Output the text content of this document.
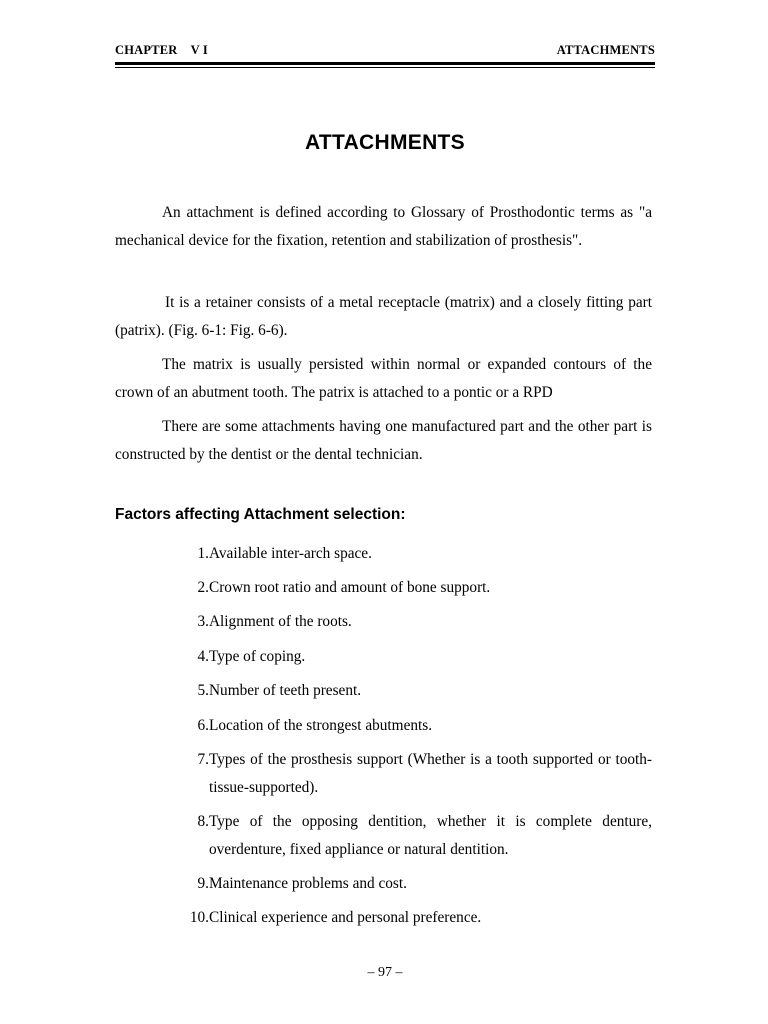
CHAPTER    V I	ATTACHMENTS
ATTACHMENTS

An attachment is defined according to Glossary of Prosthodontic terms as "a mechanical device for the fixation, retention and stabilization of prosthesis".

It is a retainer consists of a metal receptacle (matrix) and a closely fitting part (patrix). (Fig. 6-1: Fig. 6-6).

The matrix is usually persisted within normal or expanded contours of the crown of an abutment tooth. The patrix is attached to a pontic or a RPD

There are some attachments having one manufactured part and the other part is constructed by the dentist or the dental technician.

Factors affecting Attachment selection:
1. Available inter-arch space.
2. Crown root ratio and amount of bone support.
3. Alignment of the roots.
4. Type of coping.
5. Number of teeth present.
6. Location of the strongest abutments.
7. Types of the prosthesis support (Whether is a tooth supported or tooth-tissue-supported).
8. Type of the opposing dentition, whether it is complete denture, overdenture, fixed appliance or natural dentition.
9. Maintenance problems and cost.
10. Clinical experience and personal preference.
– 97 –
